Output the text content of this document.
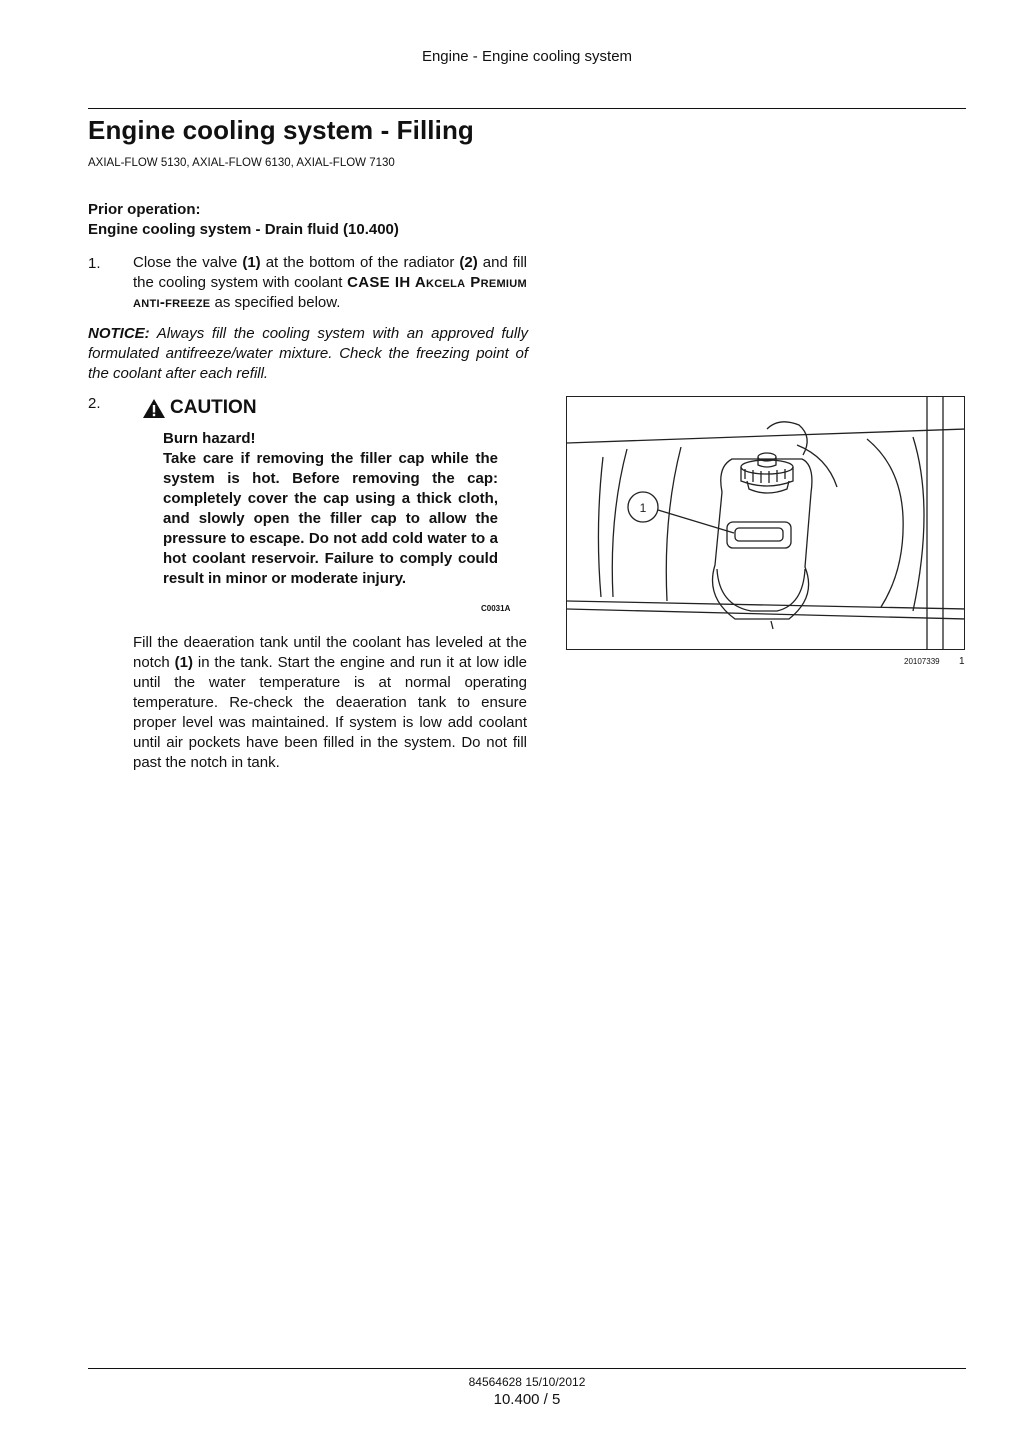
Engine - Engine cooling system
Engine cooling system - Filling
AXIAL-FLOW 5130, AXIAL-FLOW 6130, AXIAL-FLOW 7130
Prior operation:
Engine cooling system - Drain fluid (10.400)
1. Close the valve (1) at the bottom of the radiator (2) and fill the cooling system with coolant CASE IH Akcela Premium anti-freeze as specified below.
NOTICE: Always fill the cooling system with an approved fully formulated antifreeze/water mixture. Check the freezing point of the coolant after each refill.
2.	CAUTION
Burn hazard!
Take care if removing the filler cap while the system is hot. Before removing the cap: completely cover the cap using a thick cloth, and slowly open the filler cap to allow the pressure to escape. Do not add cold water to a hot coolant reservoir. Failure to comply could result in minor or moderate injury.
C0031A
Fill the deaeration tank until the coolant has leveled at the notch (1) in the tank. Start the engine and run it at low idle until the water temperature is at normal operating temperature. Re-check the deaeration tank to ensure proper level was maintained. If system is low add coolant until air pockets have been filled in the system. Do not fill past the notch in tank.
1
20107339 1
84564628 15/10/2012
10.400 / 5
